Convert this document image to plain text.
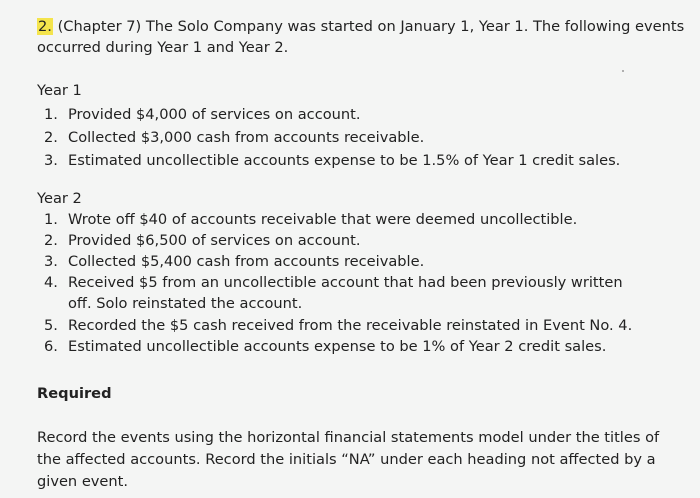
2. (Chapter 7) The Solo Company was started on January 1, Year 1. The following events occurred during Year 1 and Year 2.
Year 1
1. Provided $4,000 of services on account.
2. Collected $3,000 cash from accounts receivable.
3. Estimated uncollectible accounts expense to be 1.5% of Year 1 credit sales.
Year 2
1. Wrote off $40 of accounts receivable that were deemed uncollectible.
2. Provided $6,500 of services on account.
3. Collected $5,400 cash from accounts receivable.
4. Received $5 from an uncollectible account that had been previously written off. Solo reinstated the account.
5. Recorded the $5 cash received from the receivable reinstated in Event No. 4.
6. Estimated uncollectible accounts expense to be 1% of Year 2 credit sales.
Required
Record the events using the horizontal financial statements model under the titles of the affected accounts. Record the initials “NA” under each heading not affected by a given event.
